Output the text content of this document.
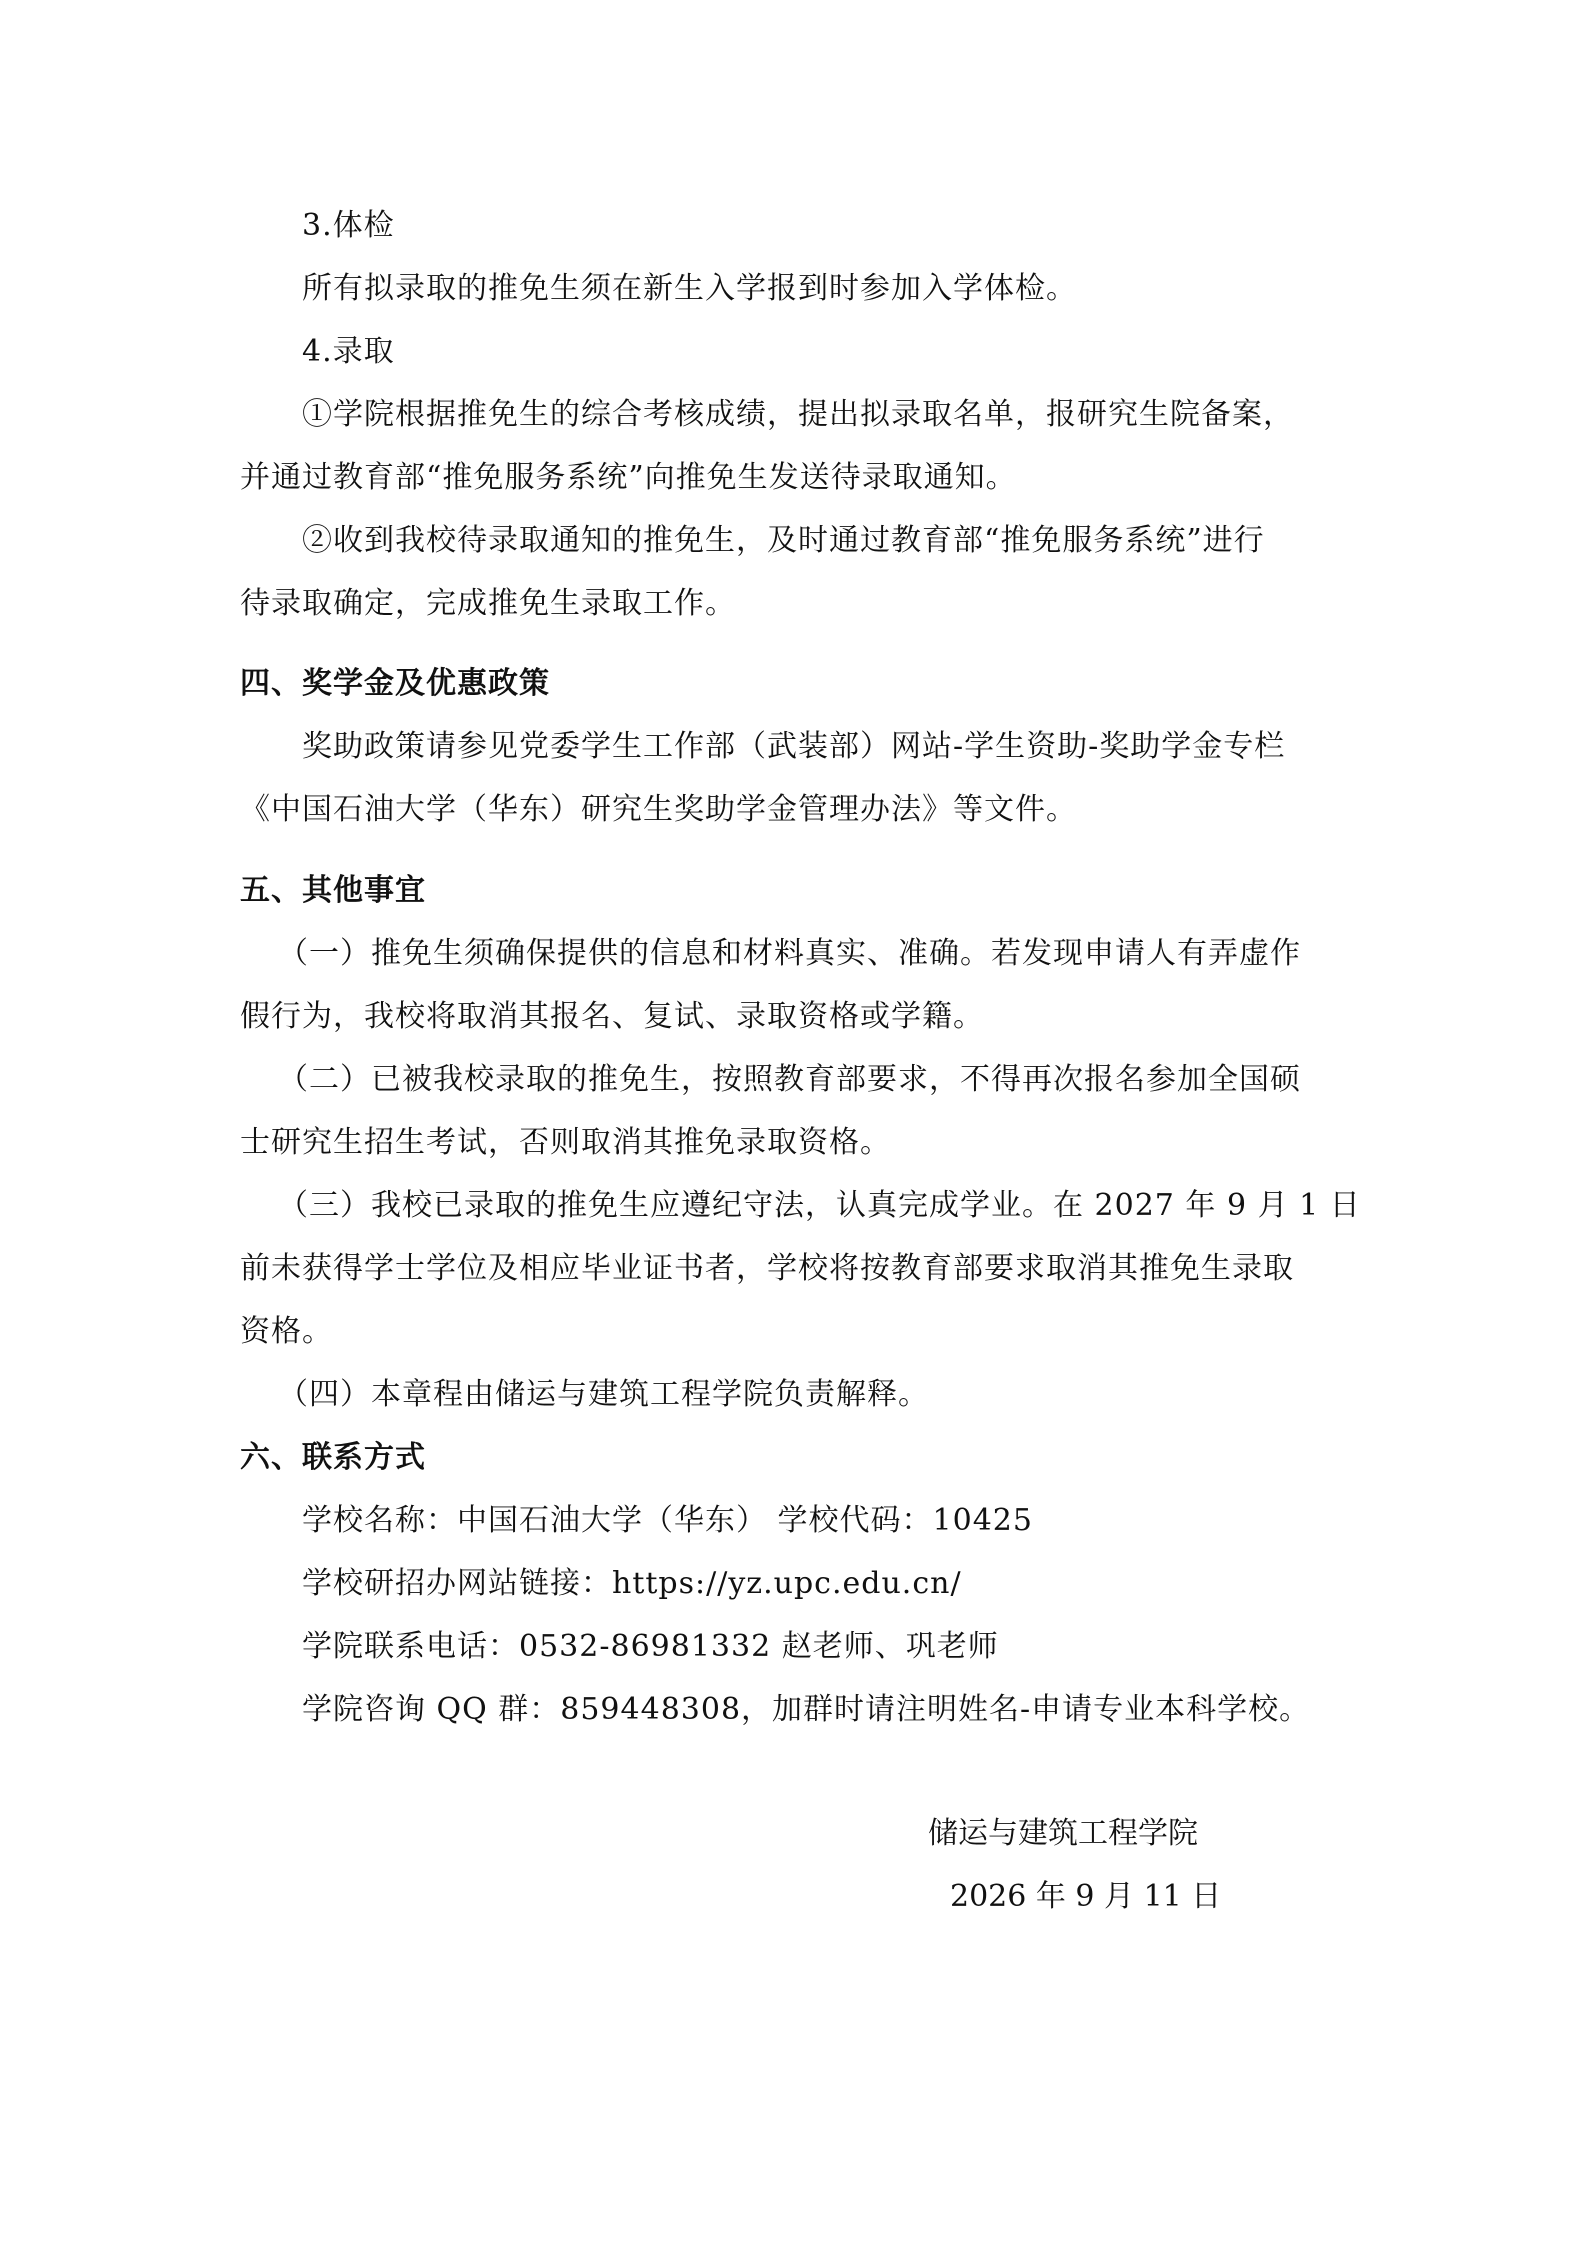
3.体检
所有拟录取的推免生须在新生入学报到时参加入学体检。
4.录取
①学院根据推免生的综合考核成绩，提出拟录取名单，报研究生院备案，
并通过教育部“推免服务系统”向推免生发送待录取通知。
②收到我校待录取通知的推免生，及时通过教育部“推免服务系统”进行
待录取确定，完成推免生录取工作。
四、奖学金及优惠政策
奖助政策请参见党委学生工作部（武装部）网站-学生资助-奖助学金专栏
《中国石油大学（华东）研究生奖助学金管理办法》等文件。
五、其他事宜
（一）推免生须确保提供的信息和材料真实、准确。若发现申请人有弄虚作
假行为，我校将取消其报名、复试、录取资格或学籍。
（二）已被我校录取的推免生，按照教育部要求，不得再次报名参加全国硕
士研究生招生考试，否则取消其推免录取资格。
（三）我校已录取的推免生应遵纪守法，认真完成学业。在 2027 年 9 月 1 日
前未获得学士学位及相应毕业证书者，学校将按教育部要求取消其推免生录取
资格。
（四）本章程由储运与建筑工程学院负责解释。
六、联系方式
学校名称：中国石油大学（华东） 学校代码：10425
学校研招办网站链接：https://yz.upc.edu.cn/
学院联系电话：0532-86981332 赵老师、巩老师
学院咨询 QQ 群：859448308，加群时请注明姓名-申请专业本科学校。
储运与建筑工程学院
2026 年 9 月 11 日
